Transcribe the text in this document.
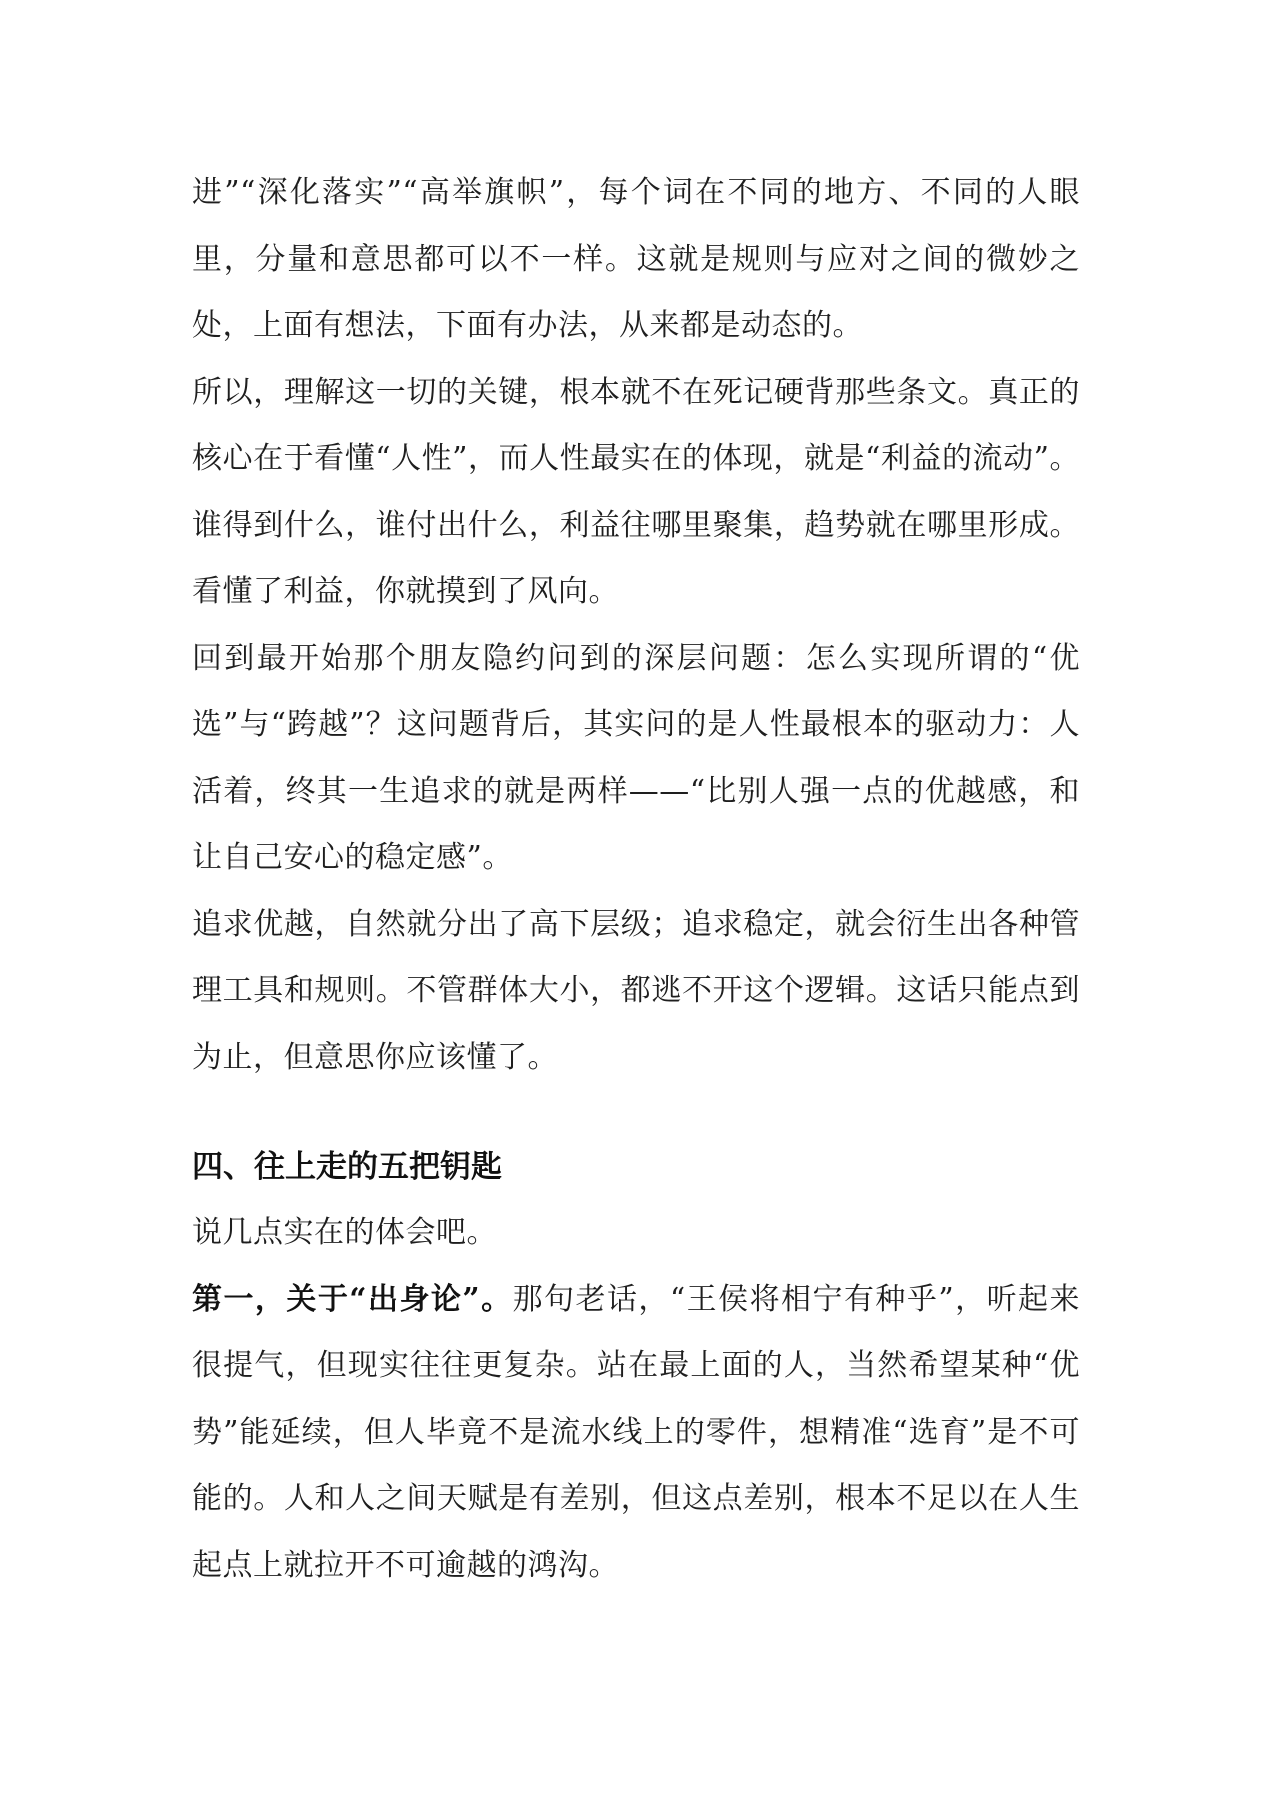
进”“深化落实”“高举旗帜”，每个词在不同的地方、不同的人眼里，分量和意思都可以不一样。这就是规则与应对之间的微妙之处，上面有想法，下面有办法，从来都是动态的。

所以，理解这一切的关键，根本就不在死记硬背那些条文。真正的核心在于看懂“人性”，而人性最实在的体现，就是“利益的流动”。谁得到什么，谁付出什么，利益往哪里聚集，趋势就在哪里形成。看懂了利益，你就摸到了风向。

回到最开始那个朋友隐约问到的深层问题：怎么实现所谓的“优选”与“跨越”？这问题背后，其实问的是人性最根本的驱动力：人活着，终其一生追求的就是两样——“比别人强一点的优越感，和让自己安心的稳定感”。

追求优越，自然就分出了高下层级；追求稳定，就会衍生出各种管理工具和规则。不管群体大小，都逃不开这个逻辑。这话只能点到为止，但意思你应该懂了。

四、往上走的五把钥匙

说几点实在的体会吧。

第一，关于“出身论”。那句老话，“王侯将相宁有种乎”，听起来很提气，但现实往往更复杂。站在最上面的人，当然希望某种“优势”能延续，但人毕竟不是流水线上的零件，想精准“选育”是不可能的。人和人之间天赋是有差别，但这点差别，根本不足以在人生起点上就拉开不可逾越的鸿沟。
